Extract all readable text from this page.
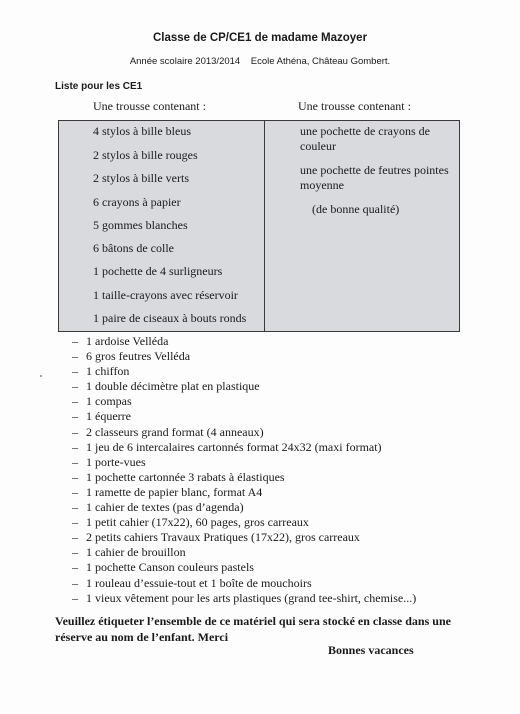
Classe de CP/CE1 de madame Mazoyer
Année scolaire 2013/2014    Ecole Athéna, Château Gombert.
Liste pour les CE1
Une trousse contenant :	Une trousse contenant :
4 stylos à bille bleus
2 stylos à bille rouges
2 stylos à bille verts
6 crayons à papier
5 gommes blanches
6 bâtons de colle
1 pochette de 4 surligneurs
1 taille-crayons avec réservoir
1 paire de ciseaux à bouts ronds
une pochette de crayons de couleur
une pochette de feutres pointes moyenne
(de bonne qualité)
– 1 ardoise Velléda
– 6 gros feutres Velléda
– 1 chiffon
– 1 double décimètre plat en plastique
– 1 compas
– 1 équerre
– 2 classeurs grand format (4 anneaux)
– 1 jeu de 6 intercalaires cartonnés format 24x32 (maxi format)
– 1 porte-vues
– 1 pochette cartonnée 3 rabats à élastiques
– 1 ramette de papier blanc, format A4
– 1 cahier de textes (pas d’agenda)
– 1 petit cahier (17x22), 60 pages, gros carreaux
– 2 petits cahiers Travaux Pratiques (17x22), gros carreaux
– 1 cahier de brouillon
– 1 pochette Canson couleurs pastels
– 1 rouleau d’essuie-tout et 1 boîte de mouchoirs
– 1 vieux vêtement pour les arts plastiques (grand tee-shirt, chemise...)
Veuillez étiqueter l’ensemble de ce matériel qui sera stocké en classe dans une réserve au nom de l’enfant. Merci
Bonnes vacances
